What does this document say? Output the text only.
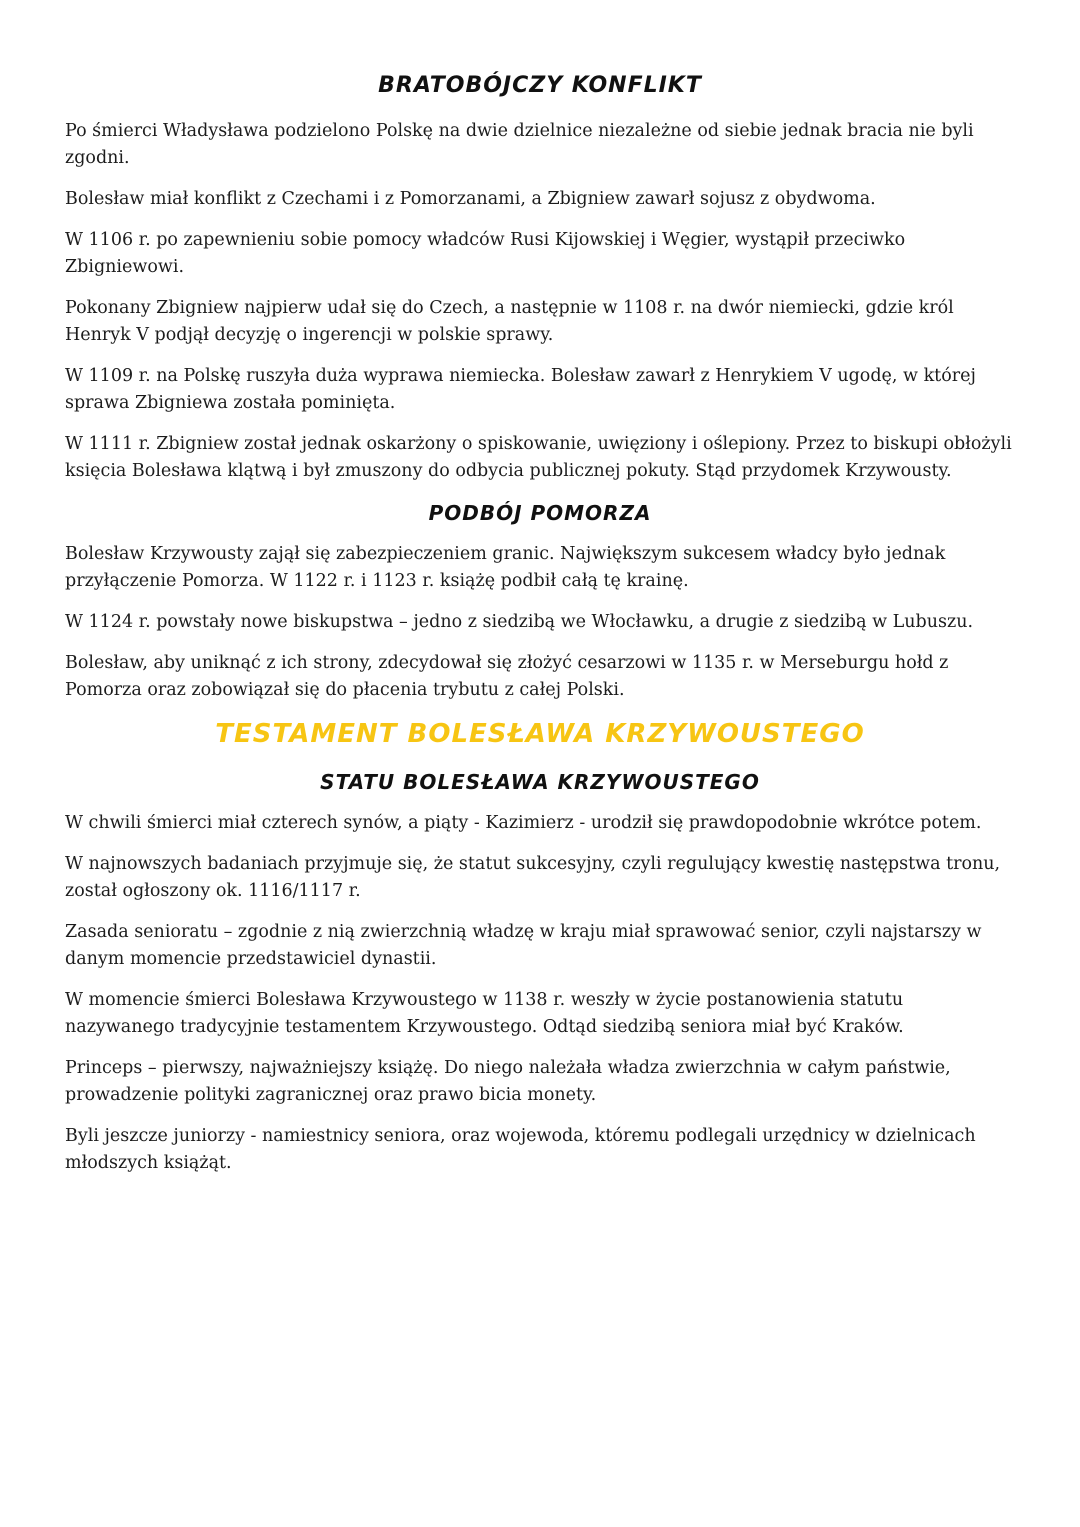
BRATOBÓJCZY KONFLIKT

Po śmierci Władysława podzielono Polskę na dwie dzielnice niezależne od siebie jednak bracia nie byli zgodni.

Bolesław miał konflikt z Czechami i z Pomorzanami, a Zbigniew zawarł sojusz z obydwoma.

W 1106 r. po zapewnieniu sobie pomocy władców Rusi Kijowskiej i Węgier, wystąpił przeciwko Zbigniewowi.

Pokonany Zbigniew najpierw udał się do Czech, a następnie w 1108 r. na dwór niemiecki, gdzie król Henryk V podjął decyzję o ingerencji w polskie sprawy.

W 1109 r. na Polskę ruszyła duża wyprawa niemiecka. Bolesław zawarł z Henrykiem V ugodę, w której sprawa Zbigniewa została pominięta.

W 1111 r. Zbigniew został jednak oskarżony o spiskowanie, uwięziony i oślepiony. Przez to biskupi obłożyli księcia Bolesława klątwą i był zmuszony do odbycia publicznej pokuty. Stąd przydomek Krzywousty.

PODBÓJ POMORZA

Bolesław Krzywousty zajął się zabezpieczeniem granic. Największym sukcesem władcy było jednak przyłączenie Pomorza. W 1122 r. i 1123 r. książę podbił całą tę krainę.

W 1124 r. powstały nowe biskupstwa – jedno z siedzibą we Włocławku, a drugie z siedzibą w Lubuszu.

Bolesław, aby uniknąć z ich strony, zdecydował się złożyć cesarzowi w 1135 r. w Merseburgu hołd z Pomorza oraz zobowiązał się do płacenia trybutu z całej Polski.

TESTAMENT BOLESŁAWA KRZYWOUSTEGO
STATU BOLESŁAWA KRZYWOUSTEGO

W chwili śmierci miał czterech synów, a piąty - Kazimierz - urodził się prawdopodobnie wkrótce potem.

W najnowszych badaniach przyjmuje się, że statut sukcesyjny, czyli regulujący kwestię następstwa tronu, został ogłoszony ok. 1116/1117 r.

Zasada senioratu – zgodnie z nią zwierzchnią władzę w kraju miał sprawować senior, czyli najstarszy w danym momencie przedstawiciel dynastii.

W momencie śmierci Bolesława Krzywoustego w 1138 r. weszły w życie postanowienia statutu nazywanego tradycyjnie testamentem Krzywoustego. Odtąd siedzibą seniora miał być Kraków.

Princeps – pierwszy, najważniejszy książę. Do niego należała władza zwierzchnia w całym państwie, prowadzenie polityki zagranicznej oraz prawo bicia monety.

Byli jeszcze juniorzy - namiestnicy seniora, oraz wojewoda, któremu podlegali urzędnicy w dzielnicach młodszych książąt.
